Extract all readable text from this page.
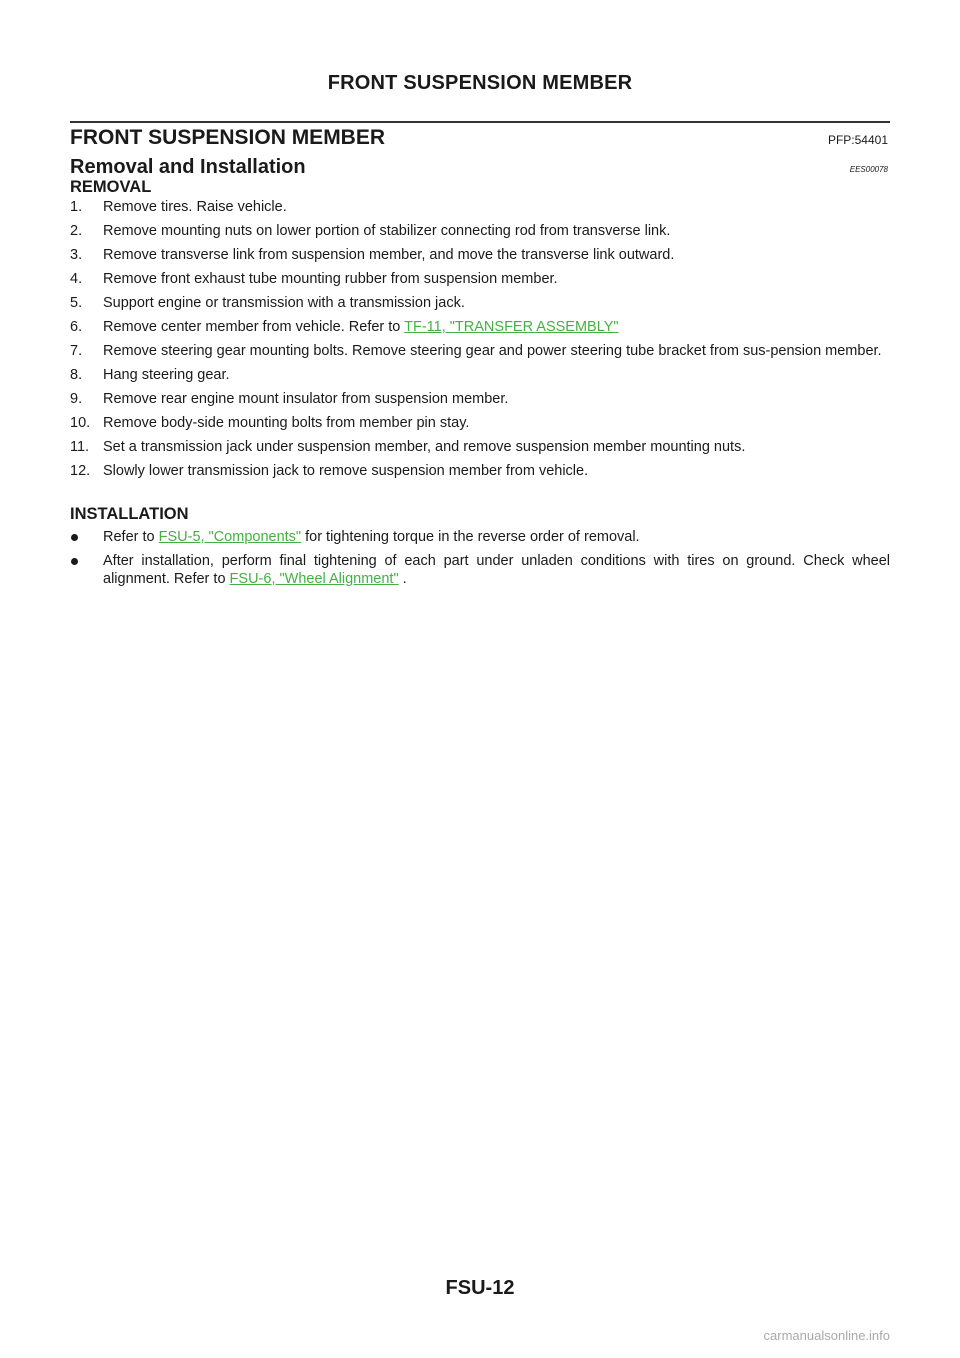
FRONT SUSPENSION MEMBER
FRONT SUSPENSION MEMBER	PFP:54401
Removal and Installation	EES00078
REMOVAL
1. Remove tires. Raise vehicle.
2. Remove mounting nuts on lower portion of stabilizer connecting rod from transverse link.
3. Remove transverse link from suspension member, and move the transverse link outward.
4. Remove front exhaust tube mounting rubber from suspension member.
5. Support engine or transmission with a transmission jack.
6. Remove center member from vehicle. Refer to TF-11, "TRANSFER ASSEMBLY"
7. Remove steering gear mounting bolts. Remove steering gear and power steering tube bracket from sus-pension member.
8. Hang steering gear.
9. Remove rear engine mount insulator from suspension member.
10. Remove body-side mounting bolts from member pin stay.
11. Set a transmission jack under suspension member, and remove suspension member mounting nuts.
12. Slowly lower transmission jack to remove suspension member from vehicle.
INSTALLATION
Refer to FSU-5, "Components" for tightening torque in the reverse order of removal.
After installation, perform final tightening of each part under unladen conditions with tires on ground. Check wheel alignment. Refer to FSU-6, "Wheel Alignment" .
FSU-12
carmanualsonline.info
